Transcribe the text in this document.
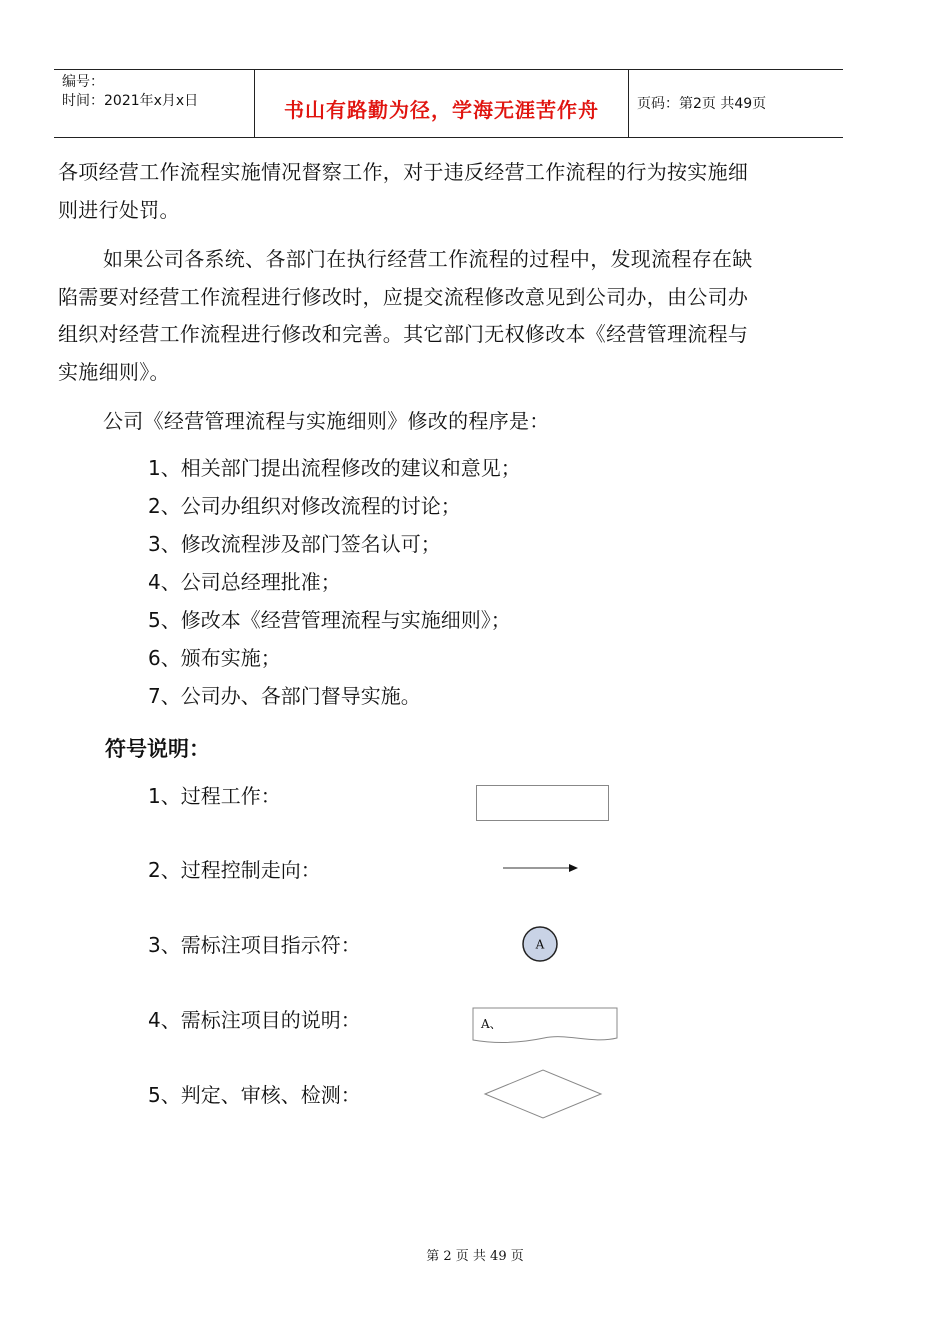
编号：
时间：2021年x月x日	书山有路勤为径，学海无涯苦作舟	页码：第2页 共49页
各项经营工作流程实施情况督察工作，对于违反经营工作流程的行为按实施细
则进行处罚。
如果公司各系统、各部门在执行经营工作流程的过程中，发现流程存在缺
陷需要对经营工作流程进行修改时，应提交流程修改意见到公司办，由公司办
组织对经营工作流程进行修改和完善。其它部门无权修改本《经营管理流程与
实施细则》。
公司《经营管理流程与实施细则》修改的程序是：
1、相关部门提出流程修改的建议和意见；
2、公司办组织对修改流程的讨论；
3、修改流程涉及部门签名认可；
4、公司总经理批准；
5、修改本《经营管理流程与实施细则》；
6、颁布实施；
7、公司办、各部门督导实施。
符号说明：
1、过程工作：
2、过程控制走向：
3、需标注项目指示符：	A
4、需标注项目的说明：	A、
5、判定、审核、检测：
第 2 页 共 49 页
